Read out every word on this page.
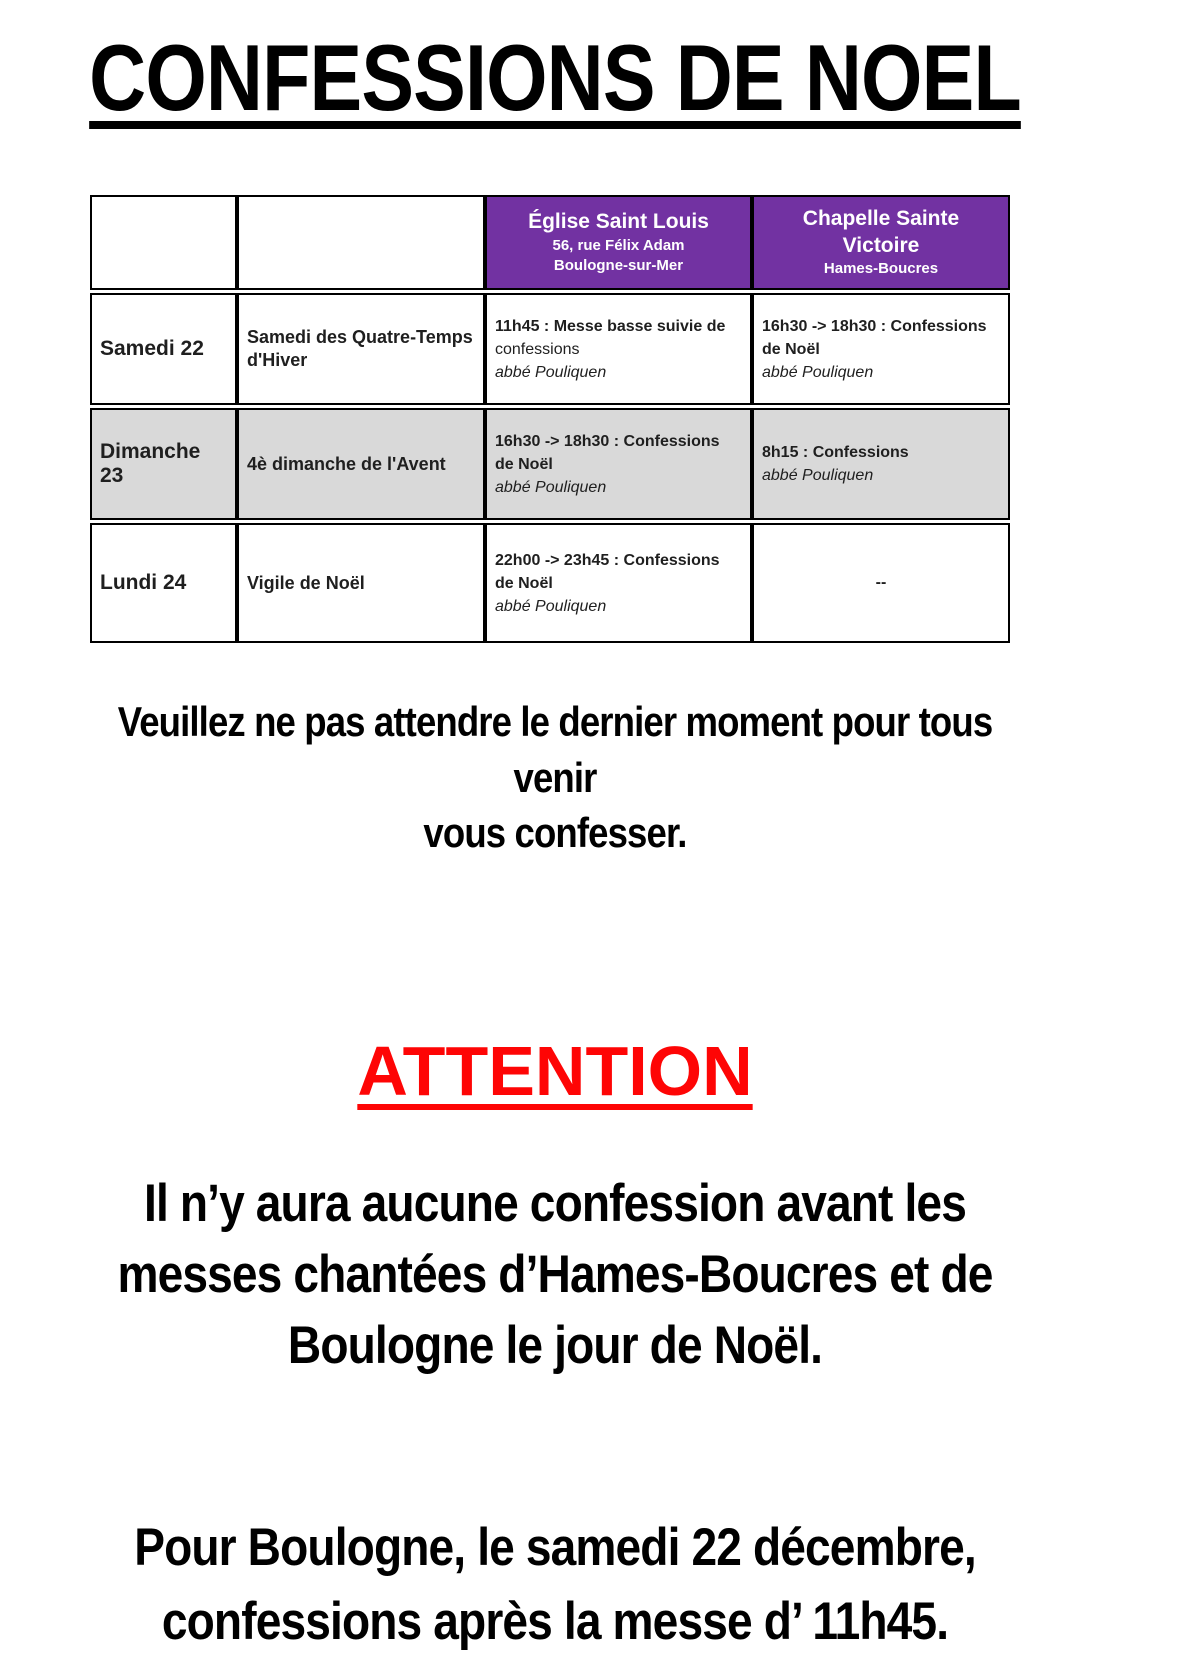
CONFESSIONS DE NOEL

		Église Saint Louis
56, rue Félix Adam
Boulogne-sur-Mer	Chapelle Sainte Victoire
Hames-Boucres

Samedi 22	Samedi des Quatre-Temps d'Hiver	11h45 : Messe basse suivie de
confessions
abbé Pouliquen	16h30 -> 18h30 : Confessions
de Noël
abbé Pouliquen

Dimanche 23	4è dimanche de l'Avent	16h30 -> 18h30 : Confessions
de Noël
abbé Pouliquen	8h15 : Confessions
abbé Pouliquen

Lundi 24	Vigile de Noël	22h00 -> 23h45 : Confessions
de Noël
abbé Pouliquen	--

Veuillez ne pas attendre le dernier moment pour tous venir
vous confesser.

ATTENTION

Il n’y aura aucune confession avant les
messes chantées d’Hames-Boucres et de
Boulogne le jour de Noël.

Pour Boulogne, le samedi 22 décembre,
confessions après la messe d’ 11h45.
